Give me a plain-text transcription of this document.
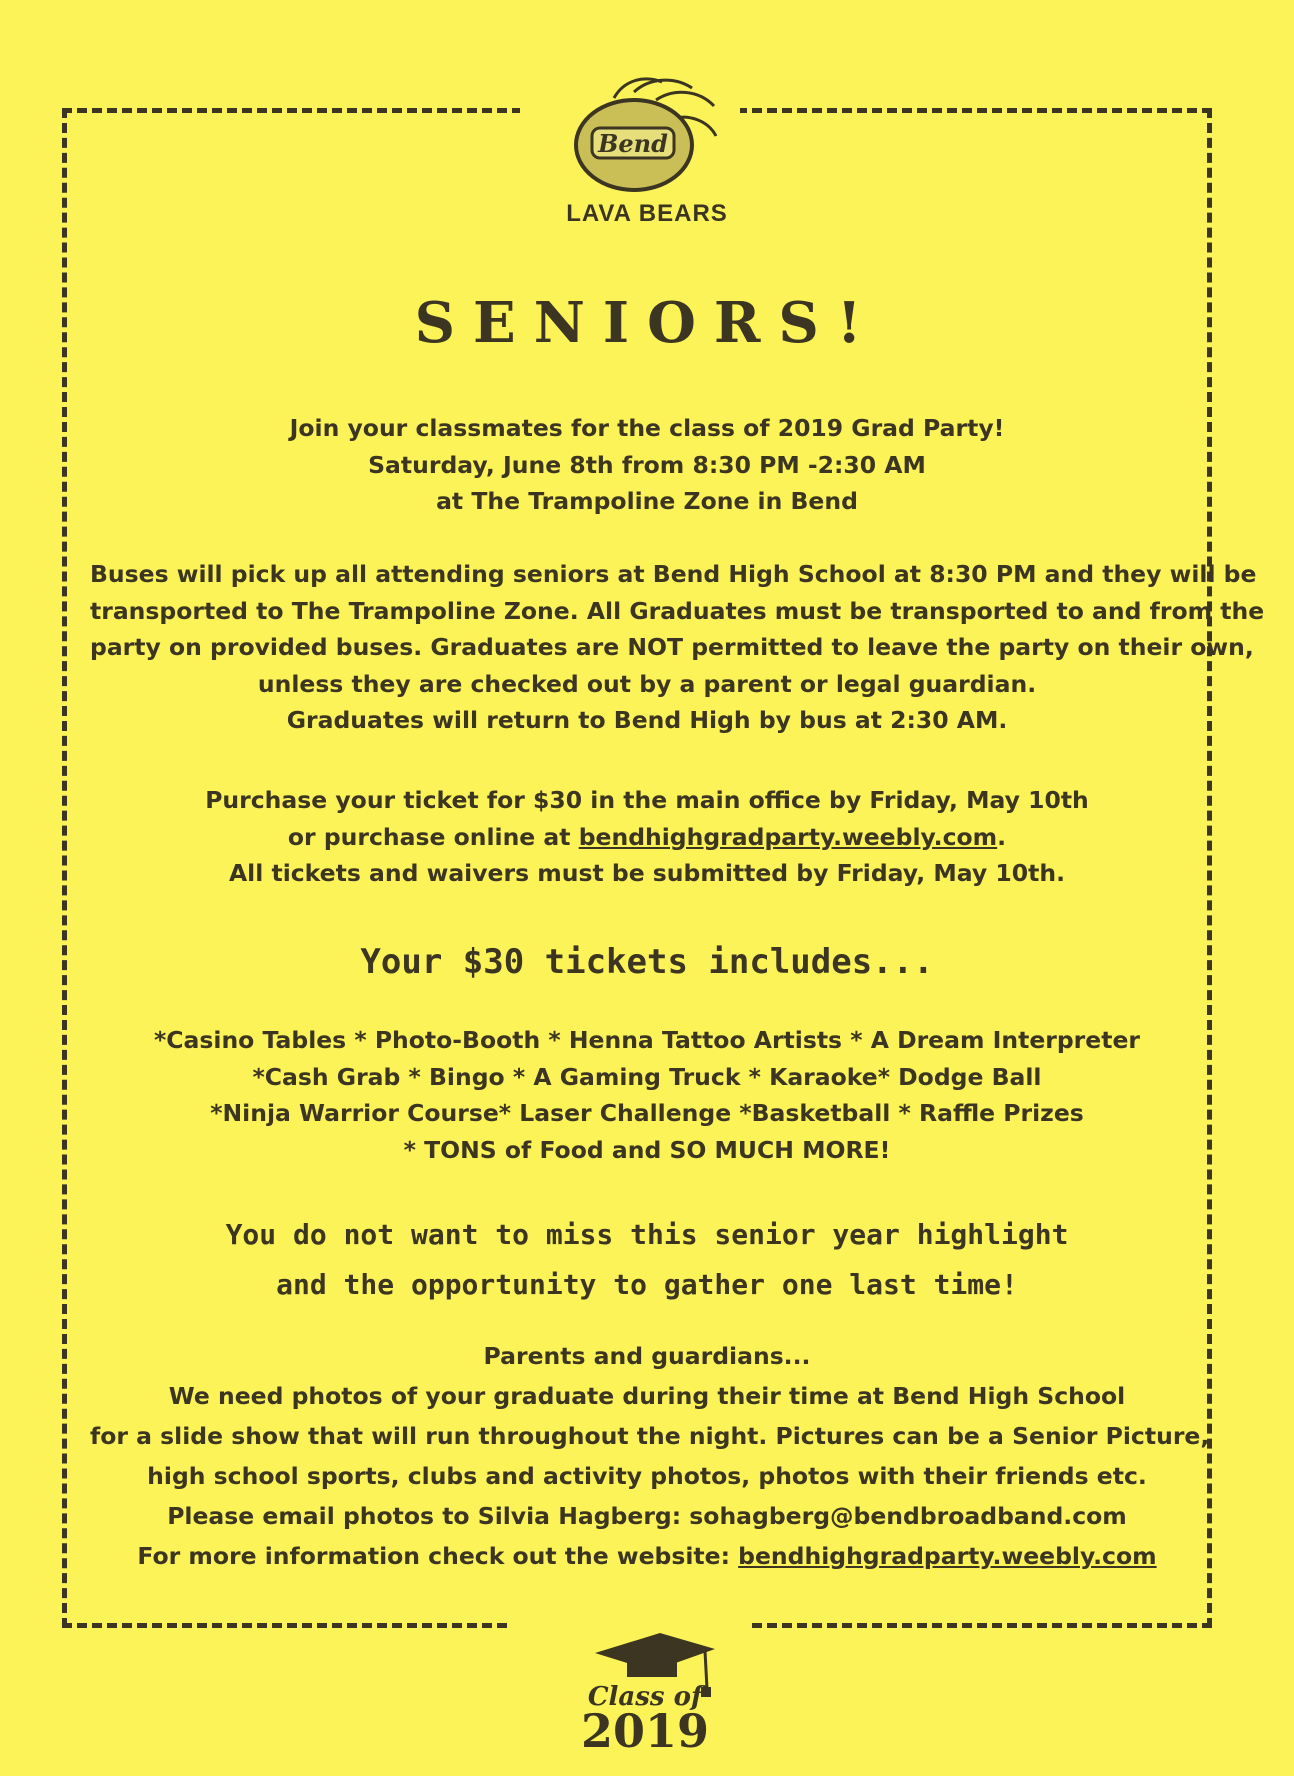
Bend
LAVA BEARS
SENIORS!
Join your classmates for the class of 2019 Grad Party!
Saturday, June 8th from 8:30 PM -2:30 AM
at The Trampoline Zone in Bend
Buses will pick up all attending seniors at Bend High School at 8:30 PM and they will be
transported to The Trampoline Zone. All Graduates must be transported to and from the
party on provided buses. Graduates are NOT permitted to leave the party on their own,
unless they are checked out by a parent or legal guardian.
Graduates will return to Bend High by bus at 2:30 AM.
Purchase your ticket for $30 in the main office by Friday, May 10th
or purchase online at bendhighgradparty.weebly.com.
All tickets and waivers must be submitted by Friday, May 10th.
Your $30 tickets includes...
*Casino Tables * Photo-Booth * Henna Tattoo Artists * A Dream Interpreter
*Cash Grab * Bingo * A Gaming Truck * Karaoke* Dodge Ball
*Ninja Warrior Course* Laser Challenge *Basketball * Raffle Prizes
* TONS of Food and SO MUCH MORE!
You do not want to miss this senior year highlight
and the opportunity to gather one last time!
Parents and guardians...
We need photos of your graduate during their time at Bend High School
for a slide show that will run throughout the night. Pictures can be a Senior Picture,
high school sports, clubs and activity photos, photos with their friends etc.
Please email photos to Silvia Hagberg: sohagberg@bendbroadband.com
For more information check out the website: bendhighgradparty.weebly.com
Class of
2019
